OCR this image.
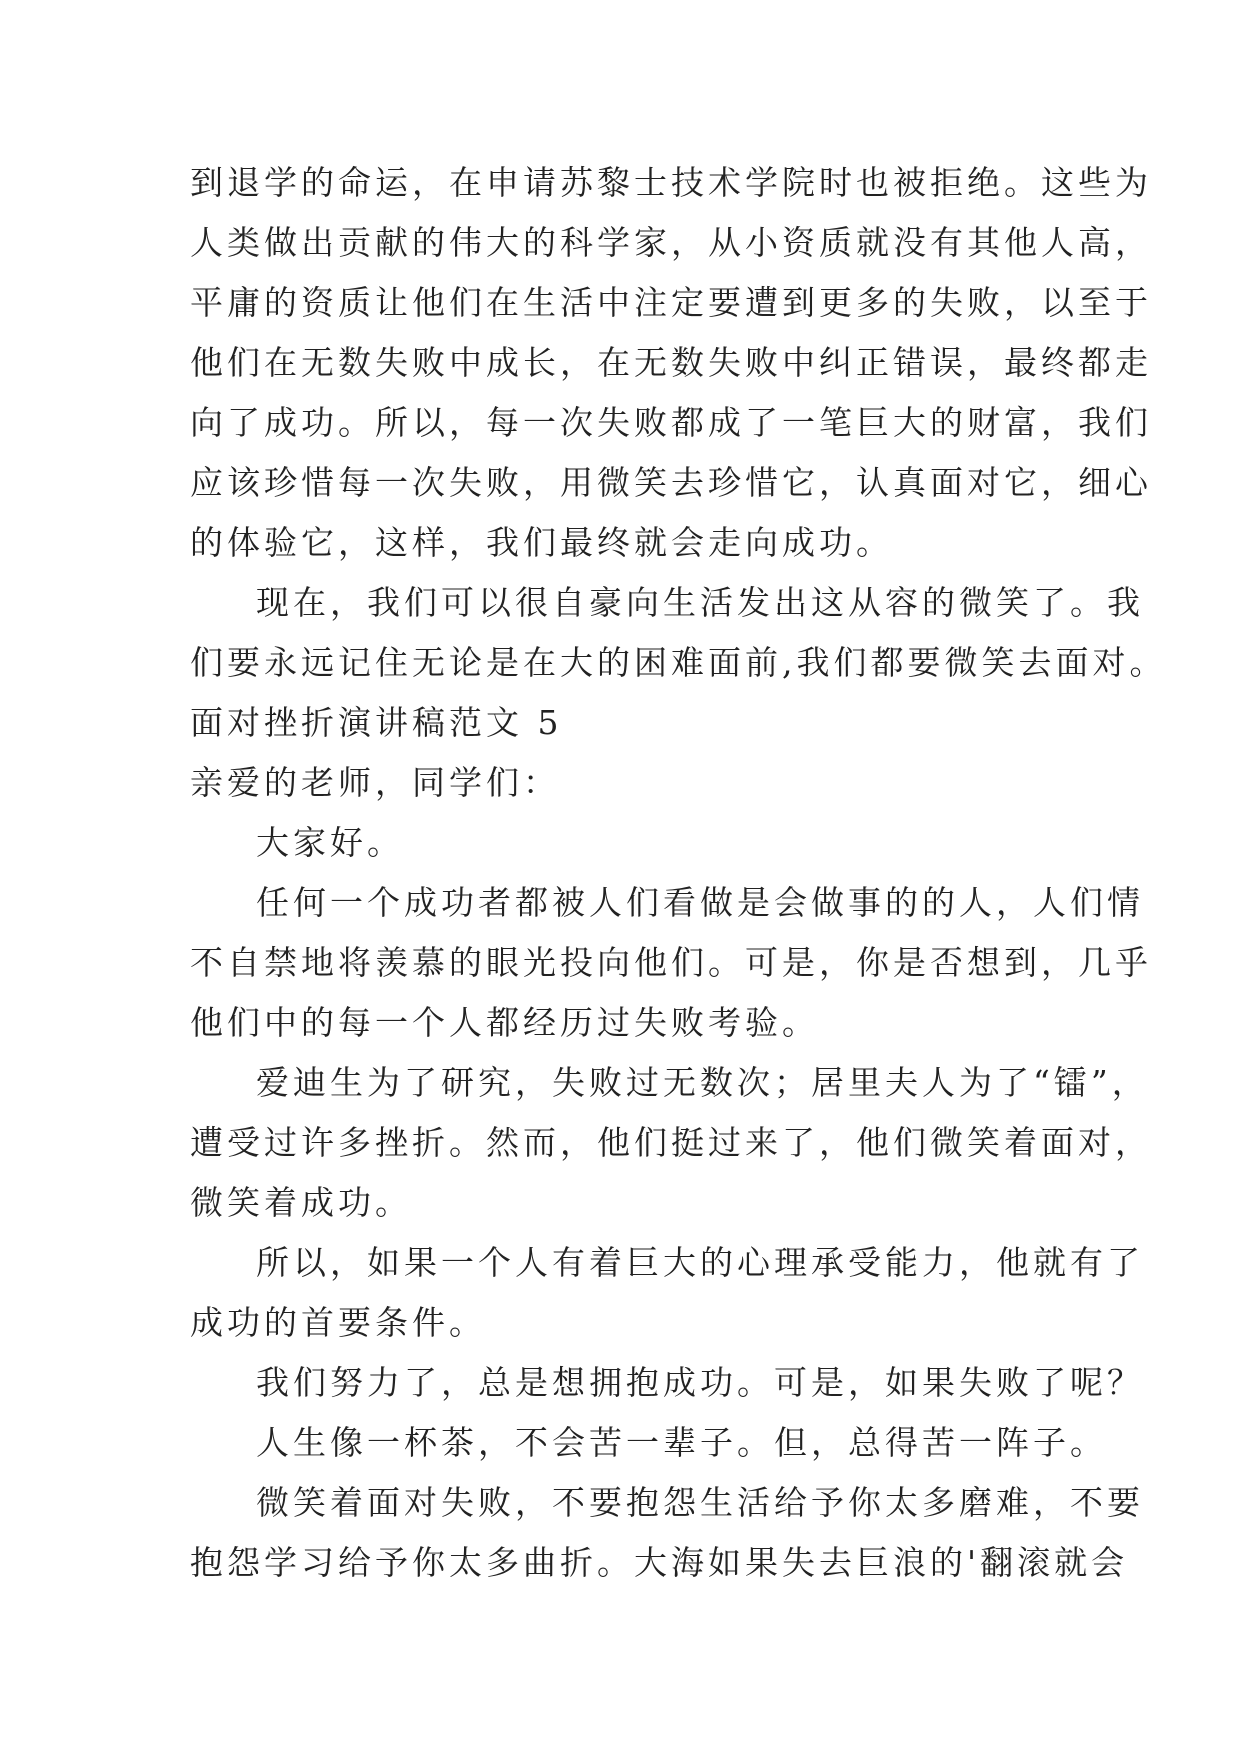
到退学的命运，在申请苏黎士技术学院时也被拒绝。这些为
人类做出贡献的伟大的科学家，从小资质就没有其他人高，
平庸的资质让他们在生活中注定要遭到更多的失败，以至于
他们在无数失败中成长，在无数失败中纠正错误，最终都走
向了成功。所以，每一次失败都成了一笔巨大的财富，我们
应该珍惜每一次失败，用微笑去珍惜它，认真面对它，细心
的体验它，这样，我们最终就会走向成功。
现在，我们可以很自豪向生活发出这从容的微笑了。我
们要永远记住无论是在大的困难面前,我们都要微笑去面对。
面对挫折演讲稿范文 5
亲爱的老师，同学们：
大家好。
任何一个成功者都被人们看做是会做事的的人，人们情
不自禁地将羡慕的眼光投向他们。可是，你是否想到，几乎
他们中的每一个人都经历过失败考验。
爱迪生为了研究，失败过无数次；居里夫人为了“镭”，
遭受过许多挫折。然而，他们挺过来了，他们微笑着面对，
微笑着成功。
所以，如果一个人有着巨大的心理承受能力，他就有了
成功的首要条件。
我们努力了，总是想拥抱成功。可是，如果失败了呢？
人生像一杯茶，不会苦一辈子。但，总得苦一阵子。
微笑着面对失败，不要抱怨生活给予你太多磨难，不要
抱怨学习给予你太多曲折。大海如果失去巨浪的'翻滚就会
